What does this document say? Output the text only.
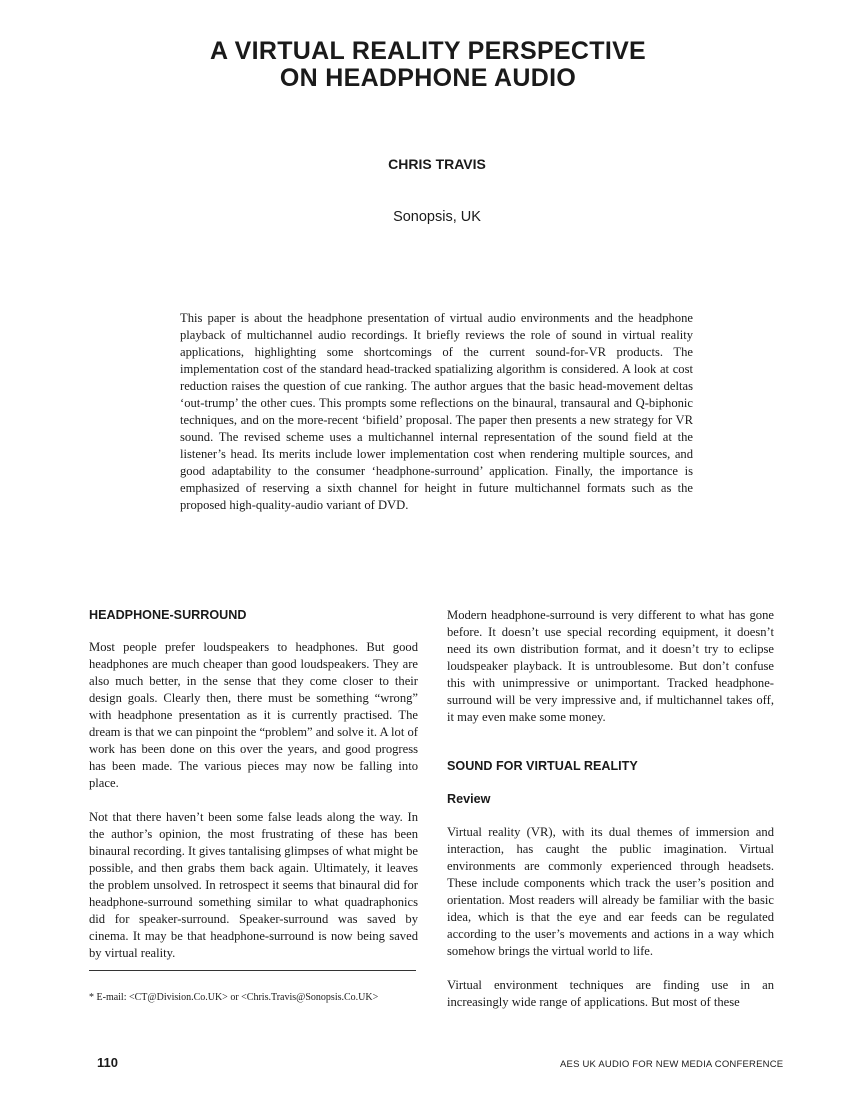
A VIRTUAL REALITY PERSPECTIVE
ON HEADPHONE AUDIO
CHRIS TRAVIS
Sonopsis, UK
This paper is about the headphone presentation of virtual audio environments and the headphone playback of multichannel audio recordings. It briefly reviews the role of sound in virtual reality applications, highlighting some shortcomings of the current sound-for-VR products. The implementation cost of the standard head-tracked spatializing algorithm is considered. A look at cost reduction raises the question of cue ranking. The author argues that the basic head-movement deltas ‘out-trump’ the other cues. This prompts some reflections on the binaural, transaural and Q-biphonic techniques, and on the more-recent ‘bifield’ proposal. The paper then presents a new strategy for VR sound. The revised scheme uses a multichannel internal representation of the sound field at the listener’s head. Its merits include lower implementation cost when rendering multiple sources, and good adaptability to the consumer ‘headphone-surround’ application. Finally, the importance is emphasized of reserving a sixth channel for height in future multichannel formats such as the proposed high-quality-audio variant of DVD.
HEADPHONE-SURROUND

Most people prefer loudspeakers to headphones. But good headphones are much cheaper than good loudspeakers. They are also much better, in the sense that they come closer to their design goals. Clearly then, there must be something “wrong” with headphone presentation as it is currently practised. The dream is that we can pinpoint the “problem” and solve it. A lot of work has been done on this over the years, and good progress has been made. The various pieces may now be falling into place.

Not that there haven’t been some false leads along the way. In the author’s opinion, the most frustrating of these has been binaural recording. It gives tantalising glimpses of what might be possible, and then grabs them back again. Ultimately, it leaves the problem unsolved. In retrospect it seems that binaural did for headphone-surround something similar to what quadraphonics did for speaker-surround. Speaker-surround was saved by cinema. It may be that headphone-surround is now being saved by virtual reality.

* E-mail: <CT@Division.Co.UK> or <Chris.Travis@Sonopsis.Co.UK>

Modern headphone-surround is very different to what has gone before. It doesn’t use special recording equipment, it doesn’t need its own distribution format, and it doesn’t try to eclipse loudspeaker playback. It is untroublesome. But don’t confuse this with unimpressive or unimportant. Tracked headphone-surround will be very impressive and, if multichannel takes off, it may even make some money.

SOUND FOR VIRTUAL REALITY
Review

Virtual reality (VR), with its dual themes of immersion and interaction, has caught the public imagination. Virtual environments are commonly experienced through headsets. These include components which track the user’s position and orientation. Most readers will already be familiar with the basic idea, which is that the eye and ear feeds can be regulated according to the user’s movements and actions in a way which somehow brings the virtual world to life.

Virtual environment techniques are finding use in an increasingly wide range of applications. But most of these

110	AES UK AUDIO FOR NEW MEDIA CONFERENCE
